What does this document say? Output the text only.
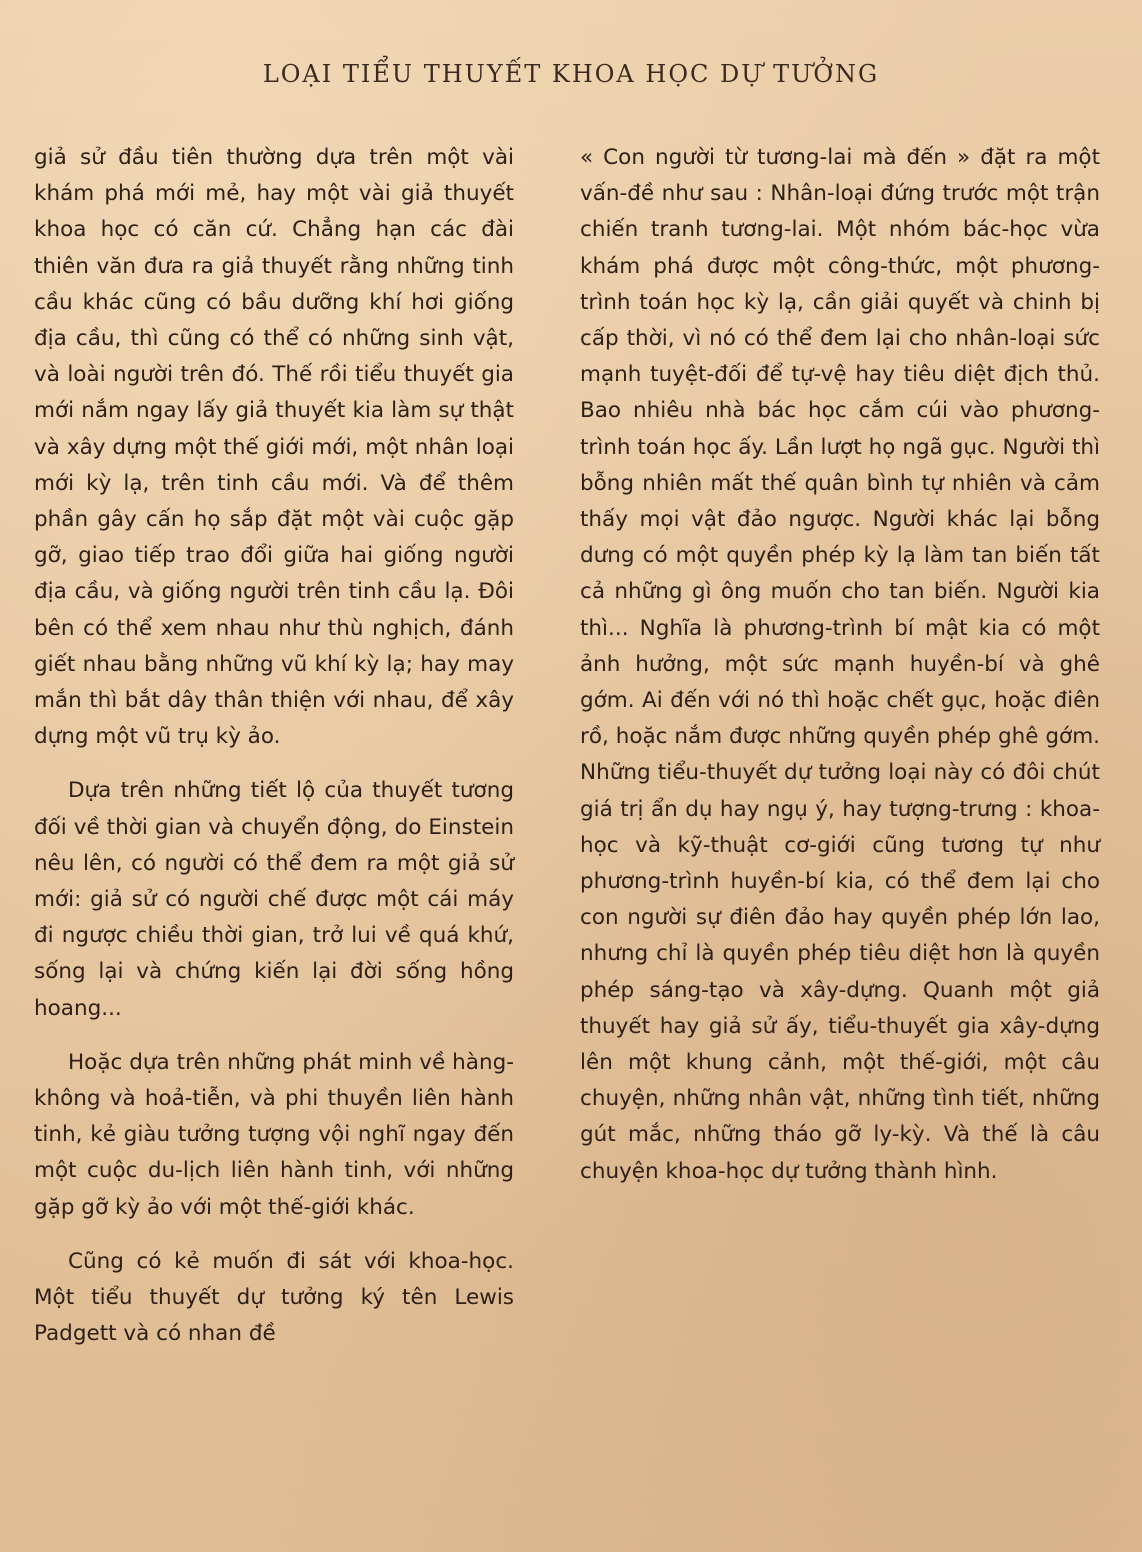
LOẠI TIỂU THUYẾT KHOA HỌC DỰ TƯỞNG

giả sử đầu tiên thường dựa trên một vài khám phá mới mẻ, hay một vài giả thuyết khoa học có căn cứ. Chẳng hạn các đài thiên văn đưa ra giả thuyết rằng những tinh cầu khác cũng có bầu dưỡng khí hơi giống địa cầu, thì cũng có thể có những sinh vật, và loài người trên đó. Thế rồi tiểu thuyết gia mới nắm ngay lấy giả thuyết kia làm sự thật và xây dựng một thế giới mới, một nhân loại mới kỳ lạ, trên tinh cầu mới. Và để thêm phần gây cấn họ sắp đặt một vài cuộc gặp gỡ, giao tiếp trao đổi giữa hai giống người địa cầu, và giống người trên tinh cầu lạ. Đôi bên có thể xem nhau như thù nghịch, đánh giết nhau bằng những vũ khí kỳ lạ; hay may mắn thì bắt dây thân thiện với nhau, để xây dựng một vũ trụ kỳ ảo.

Dựa trên những tiết lộ của thuyết tương đối về thời gian và chuyển động, do Einstein nêu lên, có người có thể đem ra một giả sử mới: giả sử có người chế được một cái máy đi ngược chiều thời gian, trở lui về quá khứ, sống lại và chứng kiến lại đời sống hồng hoang...

Hoặc dựa trên những phát minh về hàng-không và hoả-tiễn, và phi thuyền liên hành tinh, kẻ giàu tưởng tượng vội nghĩ ngay đến một cuộc du-lịch liên hành tinh, với những gặp gỡ kỳ ảo với một thế-giới khác.

Cũng có kẻ muốn đi sát với khoa-học. Một tiểu thuyết dự tưởng ký tên Lewis Padgett và có nhan đề

« Con người từ tương-lai mà đến » đặt ra một vấn-đề như sau : Nhân-loại đứng trước một trận chiến tranh tương-lai. Một nhóm bác-học vừa khám phá được một công-thức, một phương-trình toán học kỳ lạ, cần giải quyết và chinh bị cấp thời, vì nó có thể đem lại cho nhân-loại sức mạnh tuyệt-đối để tự-vệ hay tiêu diệt địch thủ. Bao nhiêu nhà bác học cắm cúi vào phương-trình toán học ấy. Lần lượt họ ngã gục. Người thì bỗng nhiên mất thế quân bình tự nhiên và cảm thấy mọi vật đảo ngược. Người khác lại bỗng dưng có một quyền phép kỳ lạ làm tan biến tất cả những gì ông muốn cho tan biến. Người kia thì... Nghĩa là phương-trình bí mật kia có một ảnh hưởng, một sức mạnh huyền-bí và ghê gớm. Ai đến với nó thì hoặc chết gục, hoặc điên rồ, hoặc nắm được những quyền phép ghê gớm. Những tiểu-thuyết dự tưởng loại này có đôi chút giá trị ẩn dụ hay ngụ ý, hay tượng-trưng : khoa-học và kỹ-thuật cơ-giới cũng tương tự như phương-trình huyền-bí kia, có thể đem lại cho con người sự điên đảo hay quyền phép lớn lao, nhưng chỉ là quyền phép tiêu diệt hơn là quyền phép sáng-tạo và xây-dựng. Quanh một giả thuyết hay giả sử ấy, tiểu-thuyết gia xây-dựng lên một khung cảnh, một thế-giới, một câu chuyện, những nhân vật, những tình tiết, những gút mắc, những tháo gỡ ly-kỳ. Và thế là câu chuyện khoa-học dự tưởng thành hình.
